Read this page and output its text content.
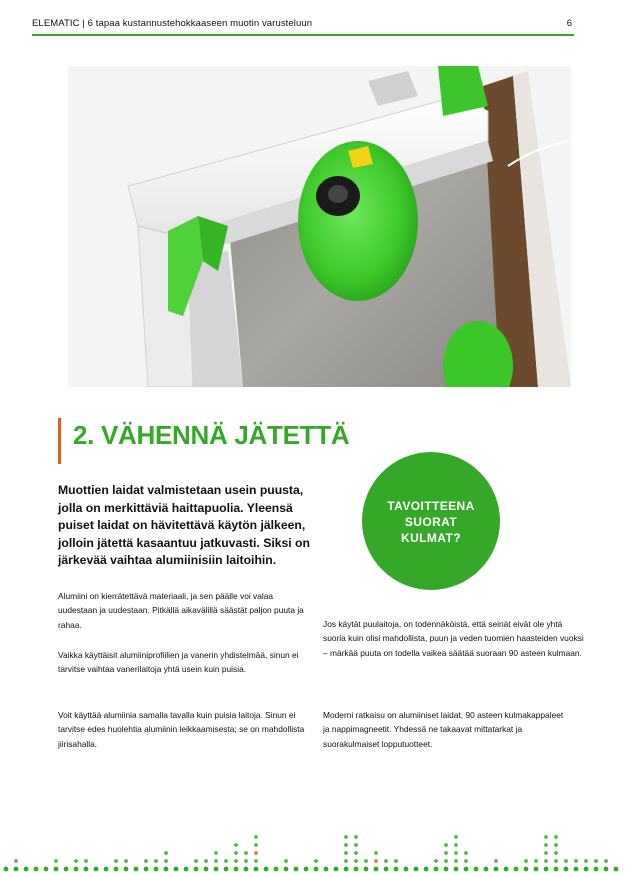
ELEMATIC | 6 tapaa kustannustehokkaaseen muotin varusteluun	6
2. VÄHENNÄ JÄTETTÄ
Muottien laidat valmistetaan usein puusta, jolla on merkittäviä haittapuolia. Yleensä puiset laidat on hävitettävä käytön jälkeen, jolloin jätettä kasaantuu jatkuvasti. Siksi on järkevää vaihtaa alumiinisiin laitoihin.
Alumiini on kierrätettävä materiaali, ja sen päälle voi valaa uudestaan ja uudestaan. Pitkällä aikavälillä säästät paljon puuta ja rahaa.
Vaikka käyttäisit alumiiniprofiilien ja vanerin yhdistelmää, sinun ei tarvitse vaihtaa vanerilaitoja yhtä usein kuin puisia.
Voit käyttää alumiinia samalla tavalla kuin puisia laitoja. Sinun ei tarvitse edes huolehtia alumiinin leikkaamisesta; se on mahdollista jiirisahalla.
TAVOITTEENA
SUORAT
KULMAT?
Jos käytät puulaitoja, on todennäköistä, että seinät eivät ole yhtä suoria kuin olisi mahdollista, puun ja veden tuomien haasteiden vuoksi – märkää puuta on todella vaikea säätää suoraan 90 asteen kulmaan.
Moderni ratkaisu on alumiiniset laidat, 90 asteen kulmakappaleet ja nappimagneetit. Yhdessä ne takaavat mittatarkat ja suorakulmaiset lopputuotteet.
